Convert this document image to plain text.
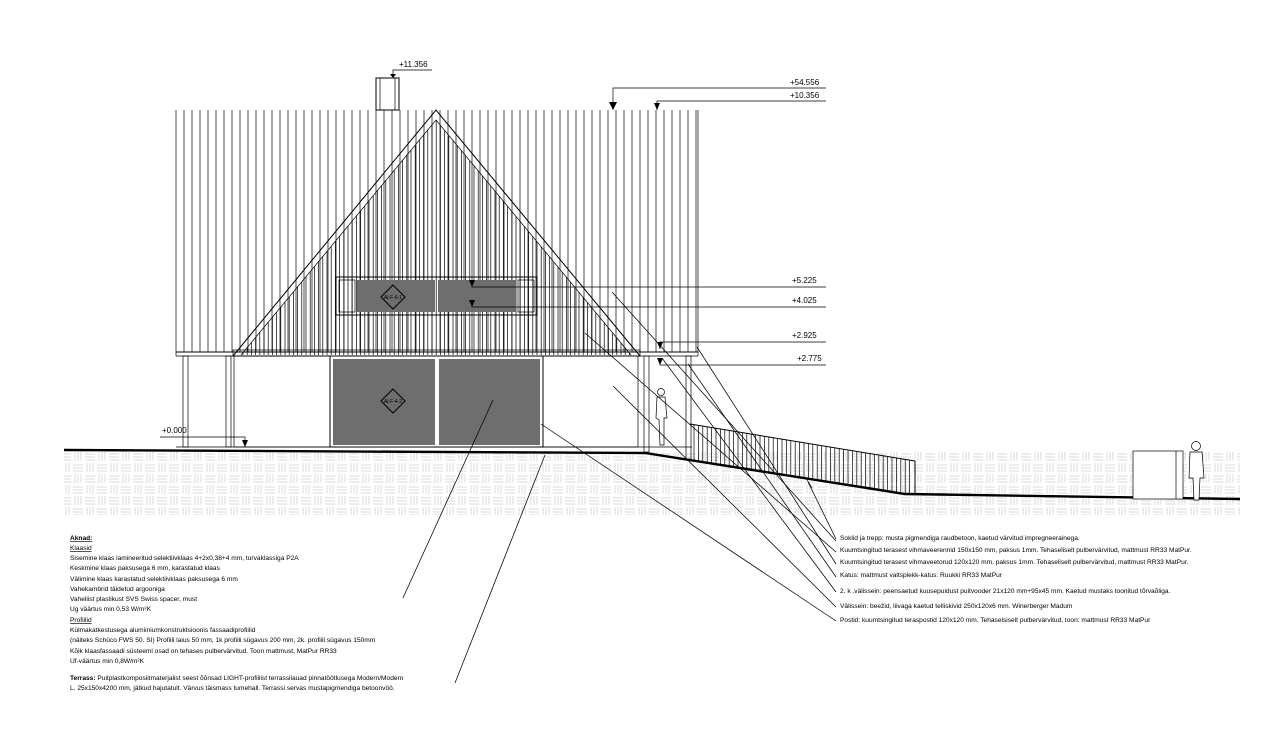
ALF-6-1
ALF-4-2
+11.356
+54.556
+10.356
+5.225
+4.025
+2.925
+2.775
+0.000
Aknad:
Klaasid
Sisemine klaas lamineeritud selektiivklaas 4+2x0,38+4 mm, turvaklassiga P2A
Keskmine klaas paksusega 6 mm, karastatud klaas
Välimine klaas karastatud selektiivklaas paksusega 6 mm
Vahekambrid täidetud argooniga
Vaheliist plastikust SVS Swiss spacer, must
Ug väärtus min 0,53 W/m²K
Profiilid
Külmakatkestusega alumiiniumkonstruktsioonis fassaadiprofiilid
(näiteks Schüco FWS 50. SI) Profiili laius 50 mm, 1k profiili sügavus 200 mm, 2k. profiili sügavus 150mm
Kõik klaasfassaadi süsteemi osad on tehases pulbervärvitud. Toon mattmust, MatPur RR33
Uf-väärtus min 0,8W/m²K
Terrass: Puitplastkomposiitmaterjalist seest õõnsad LIGHT-profiilist terrassilauad pinnatöötlusega Modern/Modern
L. 25x150x4200 mm, jätkud hajutatult. Värvus täismass tumehall. Terrassi servas mustapigmendiga betoonvöö.
Soklid ja trepp: musta pigmendiga raudbetoon, kaetud värvitud impregneerainega.
Kuumtsingitud terasest vihmaveerennid 150x150 mm, paksus 1mm. Tehaseliselt pulbervärvitud, mattmust RR33 MatPur.
Kuumtsingitud terasest vihmaveetorud 120x120 mm, paksus 1mm. Tehaseliselt pulbervärvitud, mattmust RR33 MatPur.
Katus: mattmust valtsplekk-katus: Ruukki RR33 MatPur
2. k .välissein: peensaetud kuusepuidust puitvooder 21x120 mm+95x45 mm. Kaetud mustaks toonitud tõrvaõliga.
Välissein: beežid, liivaga kaetud telliskivid 250x120x6 mm. Winerberger Madum
Postid: kuumtsingitud teraspostid 120x120 mm. Tehaselsiselt pulbervärvitud, toon: mattmust RR33 MatPur
